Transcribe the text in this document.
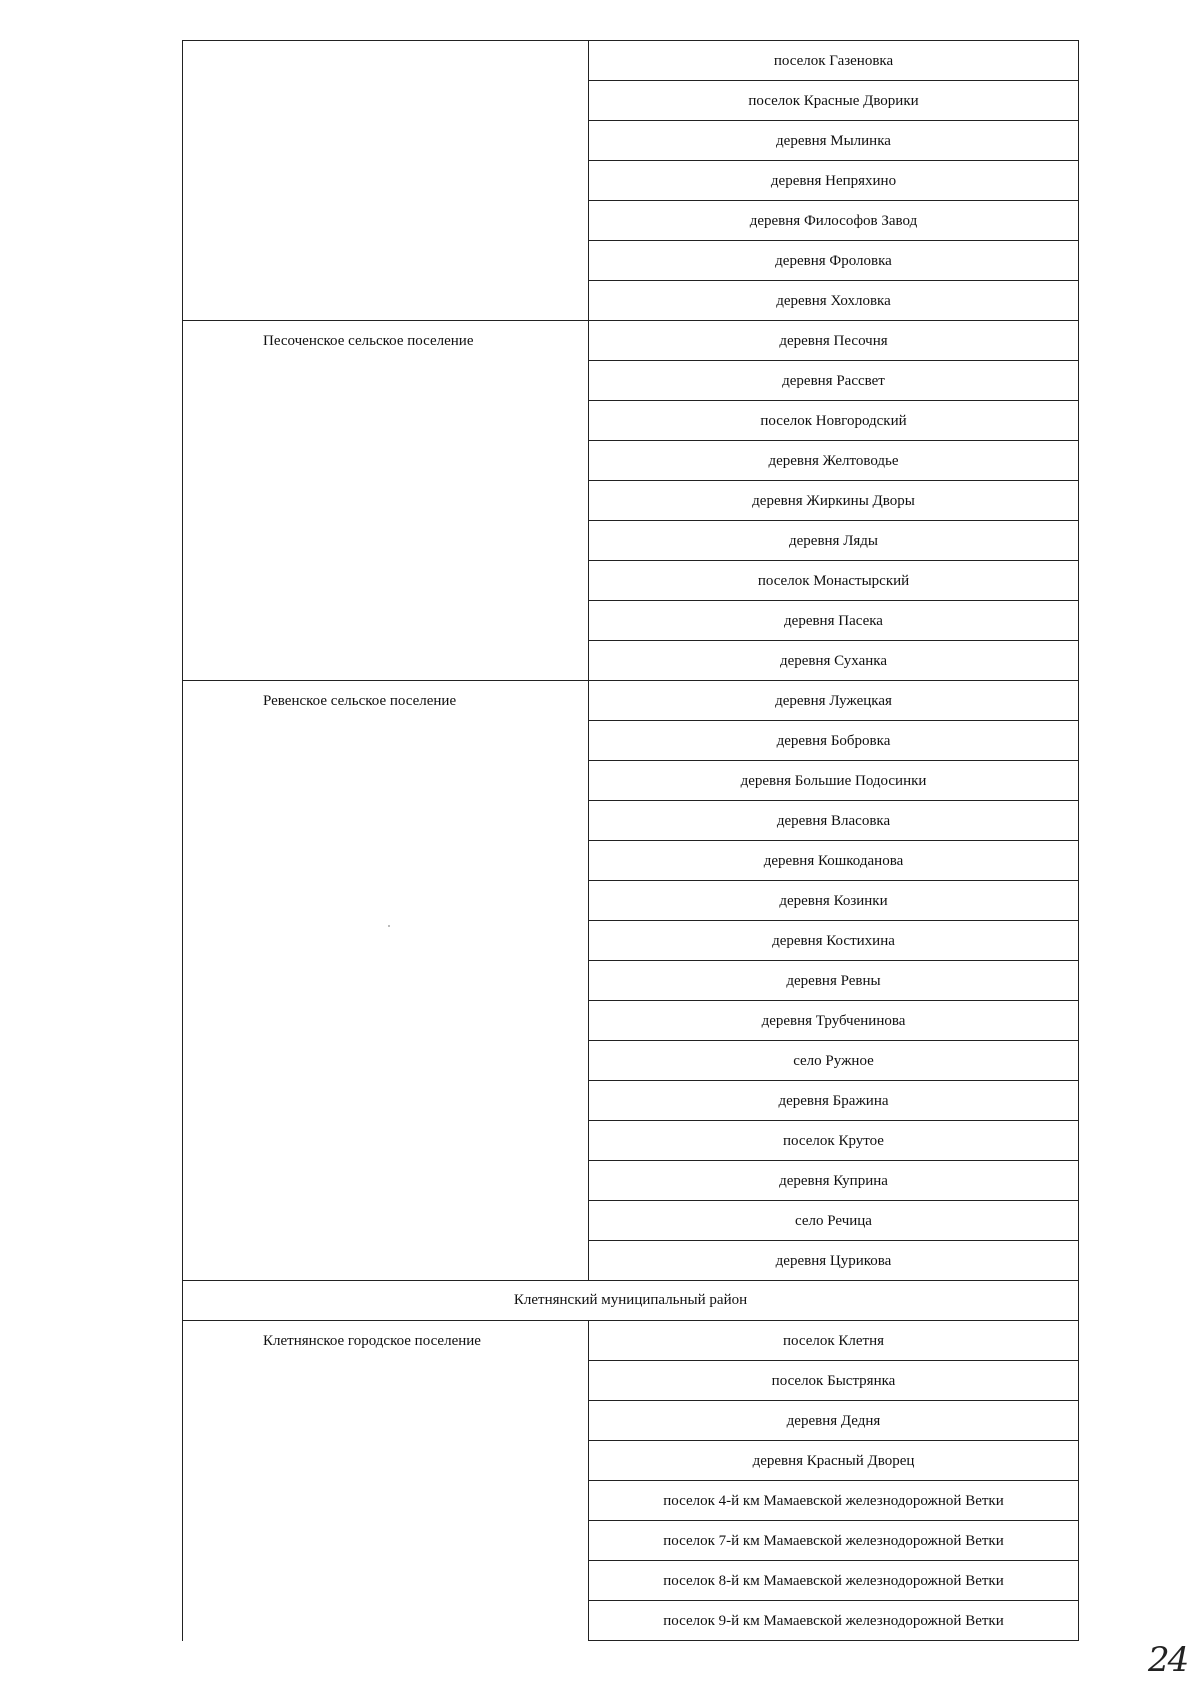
	поселок Газеновка
	поселок Красные Дворики
	деревня Мылинка
	деревня Непряхино
	деревня Философов Завод
	деревня Фроловка
	деревня Хохловка
Песоченское сельское поселение	деревня Песочня
	деревня Рассвет
	поселок Новгородский
	деревня Желтоводье
	деревня Жиркины Дворы
	деревня Ляды
	поселок Монастырский
	деревня Пасека
	деревня Суханка
Ревенское сельское поселение	деревня Лужецкая
	деревня Бобровка
	деревня Большие Подосинки
	деревня Власовка
	деревня Кошкоданова
	деревня Козинки
	деревня Костихина
	деревня Ревны
	деревня Трубченинова
	село Ружное
	деревня Бражина
	поселок Крутое
	деревня Куприна
	село Речица
	деревня Цурикова
Клетнянский муниципальный район	
Клетнянское городское поселение	поселок Клетня
	поселок Быстрянка
	деревня Дедня
	деревня Красный Дворец
	поселок 4-й км Мамаевской железнодорожной Ветки
	поселок 7-й км Мамаевской железнодорожной Ветки
	поселок 8-й км Мамаевской железнодорожной Ветки
	поселок 9-й км Мамаевской железнодорожной Ветки
24
